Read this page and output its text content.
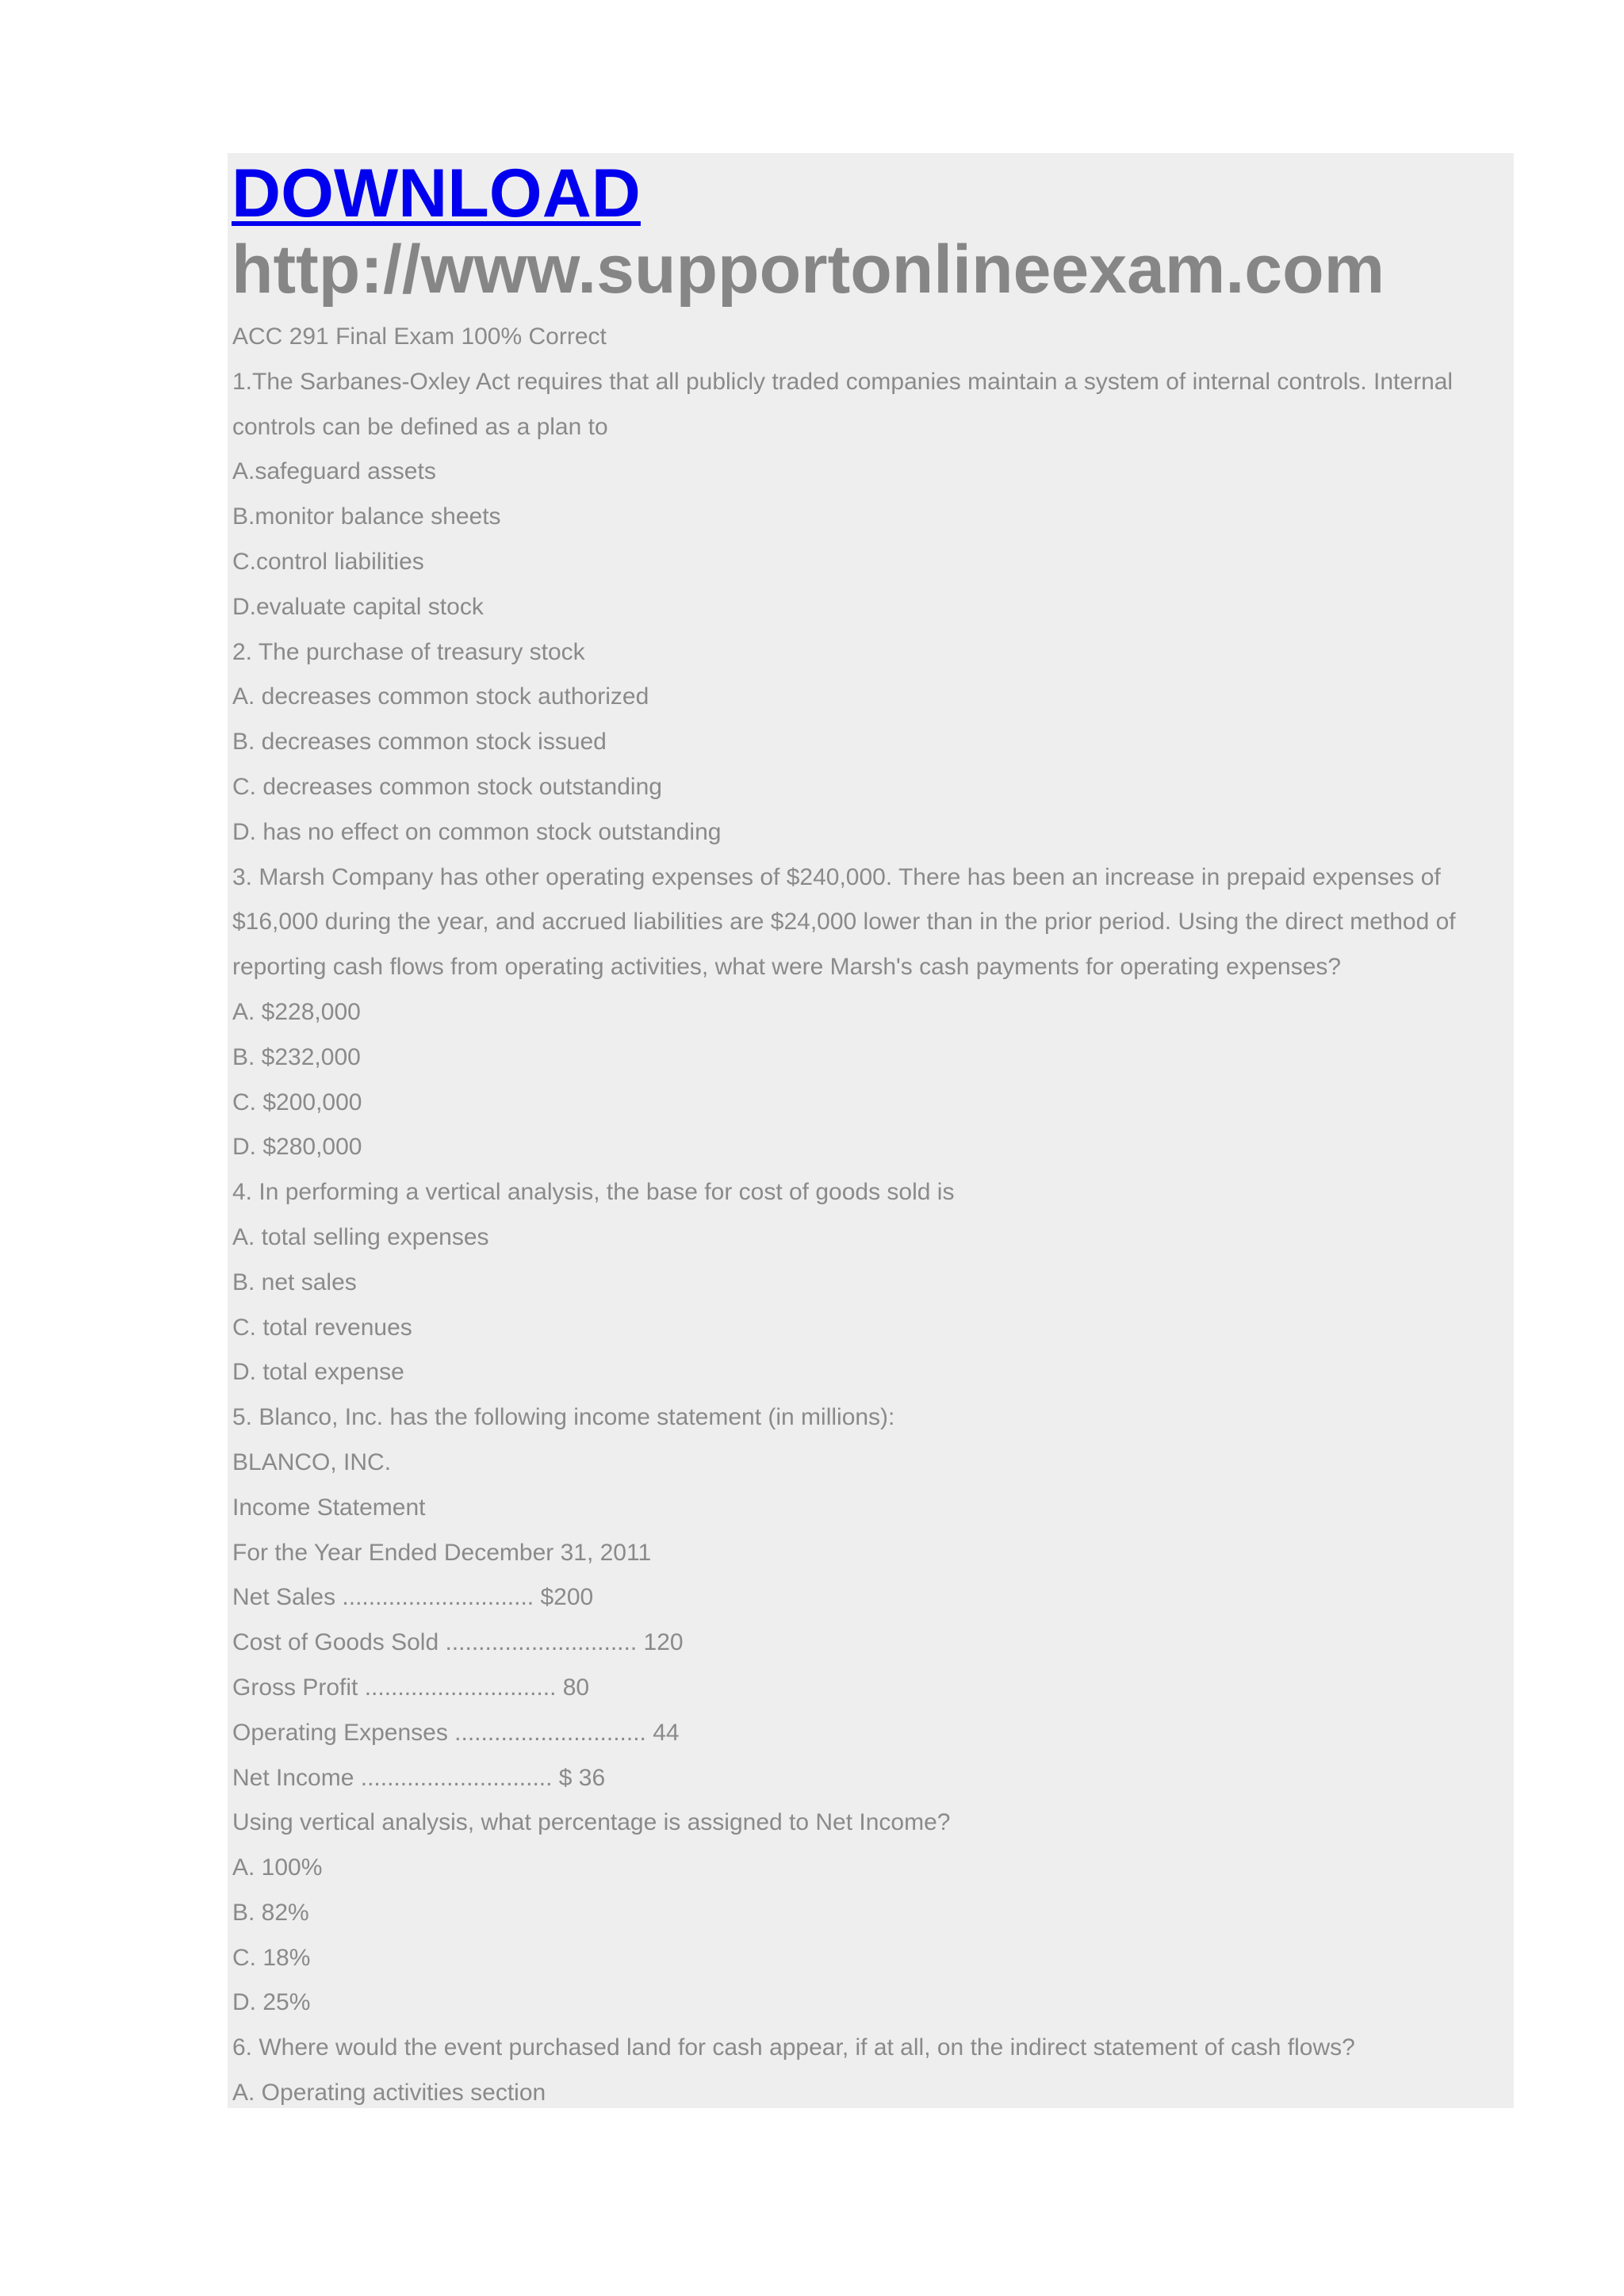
DOWNLOAD
http://www.supportonlineexam.com
ACC 291 Final Exam 100% Correct
1.The Sarbanes-Oxley Act requires that all publicly traded companies maintain a system of internal controls. Internal
controls can be defined as a plan to
A.safeguard assets
B.monitor balance sheets
C.control liabilities
D.evaluate capital stock
2. The purchase of treasury stock
A. decreases common stock authorized
B. decreases common stock issued
C. decreases common stock outstanding
D. has no effect on common stock outstanding
3. Marsh Company has other operating expenses of $240,000. There has been an increase in prepaid expenses of
$16,000 during the year, and accrued liabilities are $24,000 lower than in the prior period. Using the direct method of
reporting cash flows from operating activities, what were Marsh's cash payments for operating expenses?
A. $228,000
B. $232,000
C. $200,000
D. $280,000
4. In performing a vertical analysis, the base for cost of goods sold is
A. total selling expenses
B. net sales
C. total revenues
D. total expense
5. Blanco, Inc. has the following income statement (in millions):
BLANCO, INC.
Income Statement
For the Year Ended December 31, 2011
Net Sales ............................. $200
Cost of Goods Sold ............................. 120
Gross Profit ............................. 80
Operating Expenses ............................. 44
Net Income ............................. $ 36
Using vertical analysis, what percentage is assigned to Net Income?
A. 100%
B. 82%
C. 18%
D. 25%
6. Where would the event purchased land for cash appear, if at all, on the indirect statement of cash flows?
A. Operating activities section
